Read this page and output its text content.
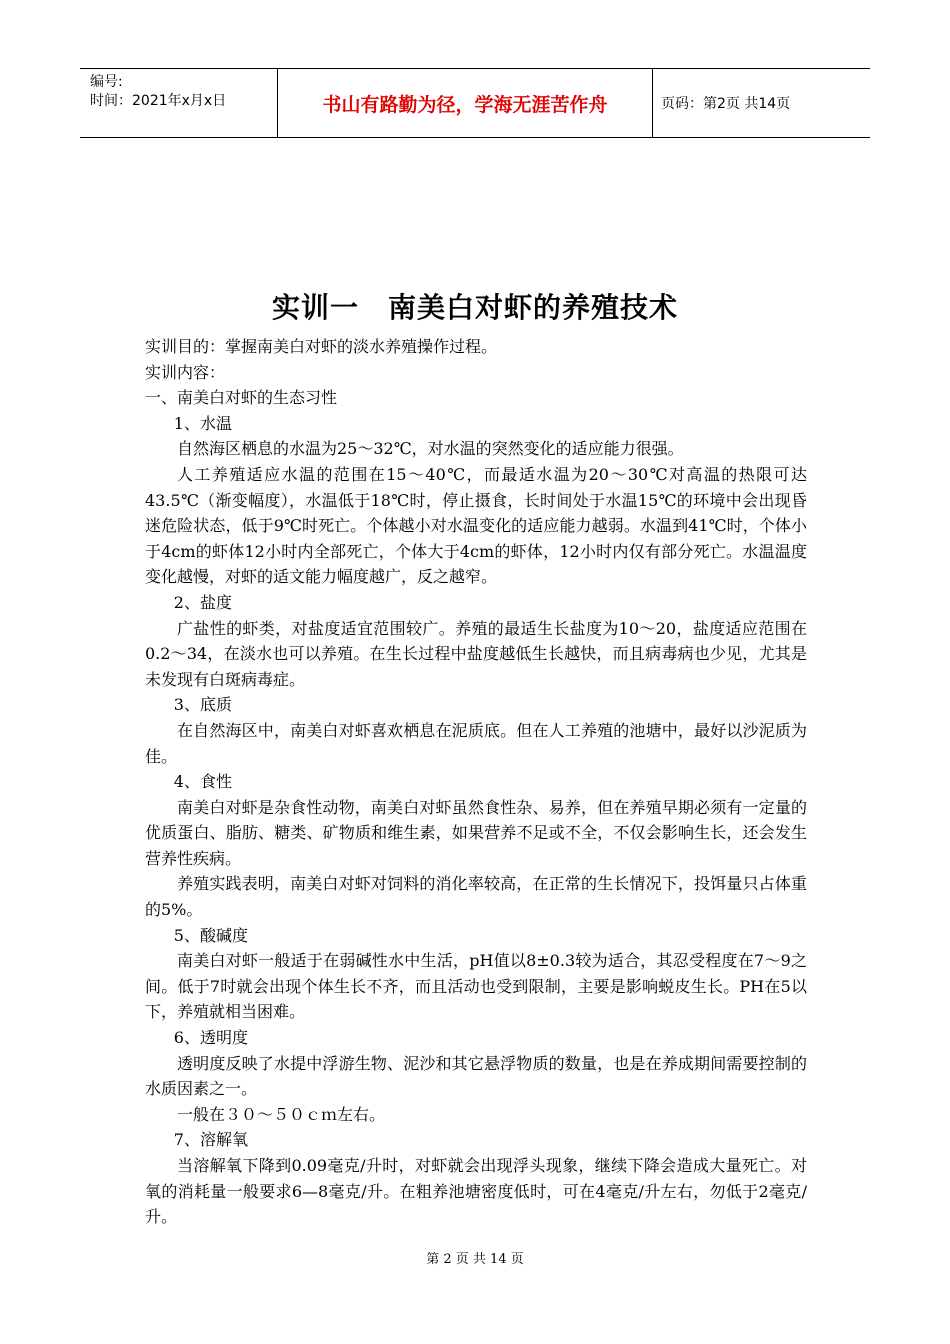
编号:
时间：2021年x月x日	书山有路勤为径，学海无涯苦作舟	页码：第2页 共14页
实训一　南美白对虾的养殖技术

实训目的：掌握南美白对虾的淡水养殖操作过程。

实训内容：

一、南美白对虾的生态习性

1、水温

自然海区栖息的水温为25～32℃，对水温的突然变化的适应能力很强。

人工养殖适应水温的范围在15～40℃，而最适水温为20～30℃对高温的热限可达43.5℃（渐变幅度），水温低于18℃时，停止摄食，长时间处于水温15℃的环境中会出现昏迷危险状态，低于9℃时死亡。个体越小对水温变化的适应能力越弱。水温到41℃时，个体小于4cm的虾体12小时内全部死亡，个体大于4cm的虾体，12小时内仅有部分死亡。水温温度变化越慢，对虾的适文能力幅度越广，反之越窄。

2、盐度

广盐性的虾类，对盐度适宜范围较广。养殖的最适生长盐度为10～20，盐度适应范围在0.2～34，在淡水也可以养殖。在生长过程中盐度越低生长越快，而且病毒病也少见，尤其是未发现有白斑病毒症。

3、底质

在自然海区中，南美白对虾喜欢栖息在泥质底。但在人工养殖的池塘中，最好以沙泥质为佳。

4、食性

南美白对虾是杂食性动物，南美白对虾虽然食性杂、易养，但在养殖早期必须有一定量的优质蛋白、脂肪、糖类、矿物质和维生素，如果营养不足或不全，不仅会影响生长，还会发生营养性疾病。

养殖实践表明，南美白对虾对饲料的消化率较高，在正常的生长情况下，投饵量只占体重的5%。

5、酸碱度

南美白对虾一般适于在弱碱性水中生活，pH值以8±0.3较为适合，其忍受程度在7～9之间。低于7时就会出现个体生长不齐，而且活动也受到限制，主要是影响蜕皮生长。PH在5以下，养殖就相当困难。

6、透明度

透明度反映了水提中浮游生物、泥沙和其它悬浮物质的数量，也是在养成期间需要控制的水质因素之一。

一般在３０～５０ｃｍ左右。

7、溶解氧

当溶解氧下降到0.09毫克/升时，对虾就会出现浮头现象，继续下降会造成大量死亡。对氧的消耗量一般要求6—8毫克/升。在粗养池塘密度低时，可在4毫克/升左右，勿低于2毫克/升。

第 2 页 共 14 页
